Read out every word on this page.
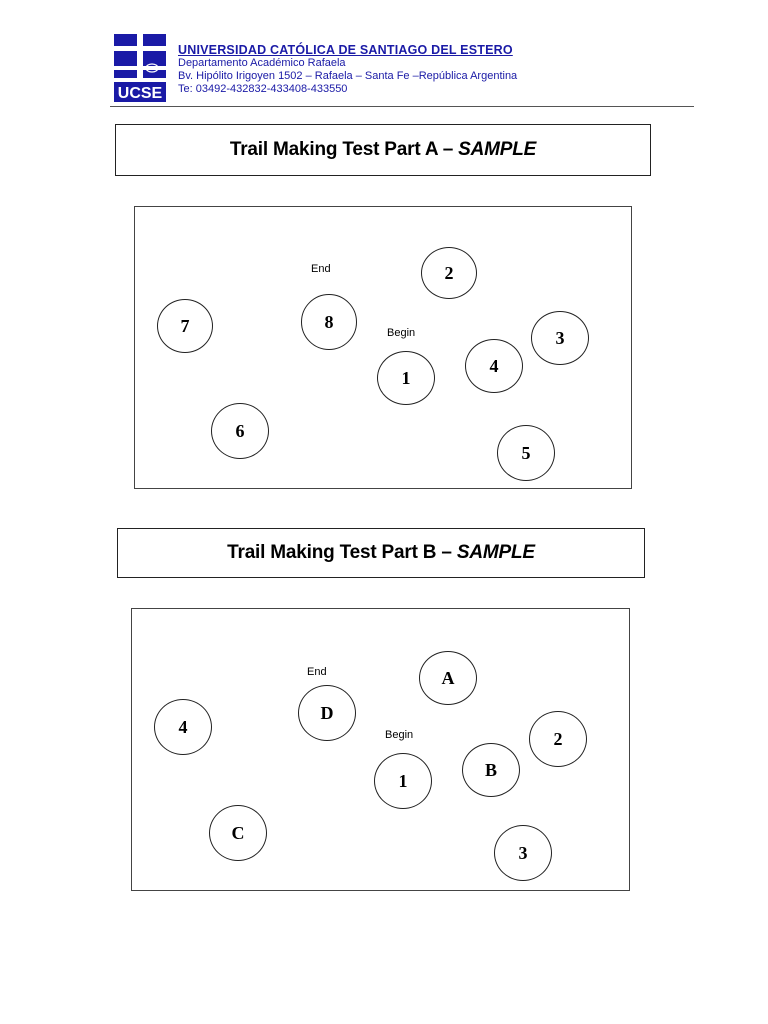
UCSE
UNIVERSIDAD CATÓLICA DE SANTIAGO DEL ESTERO
Departamento Académico Rafaela
Bv. Hipólito Irigoyen 1502 – Rafaela – Santa Fe –República Argentina
Te: 03492-432832-433408-433550
Trail Making Test Part A – SAMPLE
End
Begin
2
7	8
3
4
1
6
5
Trail Making Test Part B – SAMPLE
End
Begin
A
4
D
2
B
1
C
3
